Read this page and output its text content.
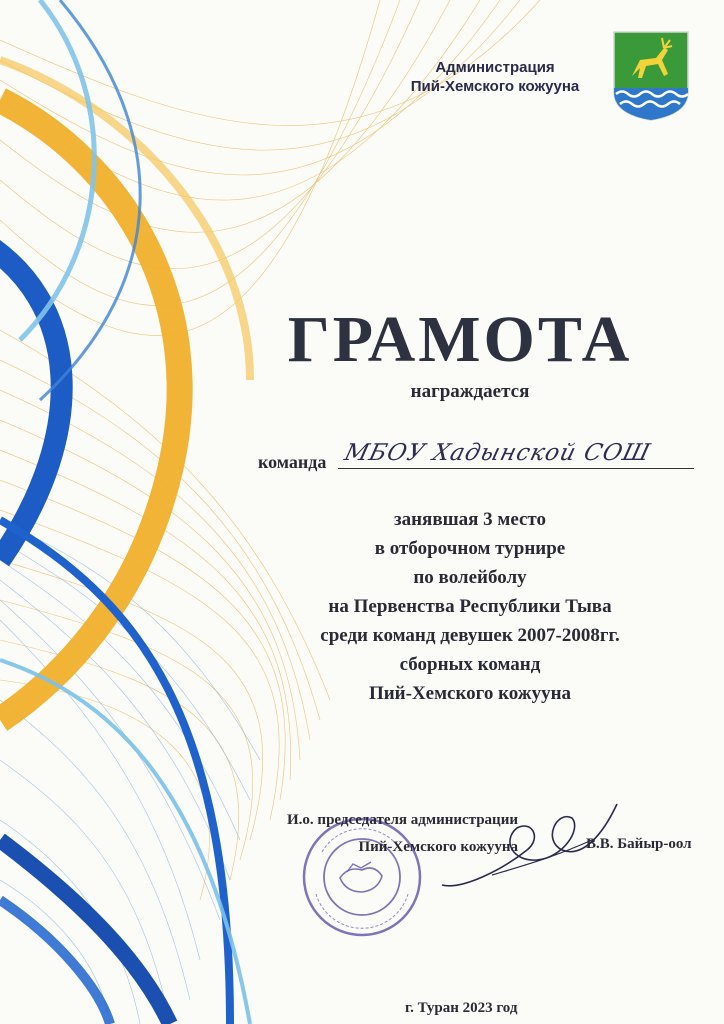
Администрация
Пий-Хемского кожууна
ГРАМОТА
награждается
команда МБОУ Хадынской СОШ
занявшая 3 место
в отборочном турнире
по волейболу
на Первенства Республики Тыва
среди команд девушек 2007-2008гг.
сборных команд
Пий-Хемского кожууна
И.о. председателя администрации
Пий-Хемского кожууна	В.В. Байыр-оол
г. Туран 2023 год
